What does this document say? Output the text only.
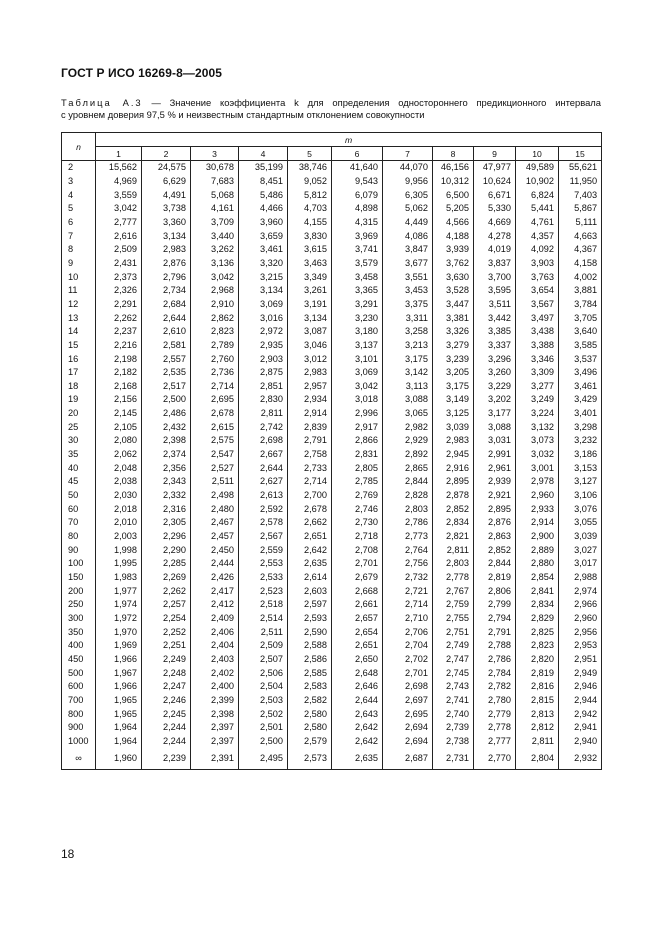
ГОСТ Р ИСО 16269-8—2005
Таблица А.3 — Значение коэффициента k для определения одностороннего предикционного интервала
с уровнем доверия 97,5 % и неизвестным стандартным отклонением совокупности
n	m										
	1	2	3	4	5	6	7	8	9	10	15
2	15,562	24,575	30,678	35,199	38,746	41,640	44,070	46,156	47,977	49,589	55,621
3	4,969	6,629	7,683	8,451	9,052	9,543	9,956	10,312	10,624	10,902	11,950
4	3,559	4,491	5,068	5,486	5,812	6,079	6,305	6,500	6,671	6,824	7,403
5	3,042	3,738	4,161	4,466	4,703	4,898	5,062	5,205	5,330	5,441	5,867
6	2,777	3,360	3,709	3,960	4,155	4,315	4,449	4,566	4,669	4,761	5,111
7	2,616	3,134	3,440	3,659	3,830	3,969	4,086	4,188	4,278	4,357	4,663
8	2,509	2,983	3,262	3,461	3,615	3,741	3,847	3,939	4,019	4,092	4,367
9	2,431	2,876	3,136	3,320	3,463	3,579	3,677	3,762	3,837	3,903	4,158
10	2,373	2,796	3,042	3,215	3,349	3,458	3,551	3,630	3,700	3,763	4,002
11	2,326	2,734	2,968	3,134	3,261	3,365	3,453	3,528	3,595	3,654	3,881
12	2,291	2,684	2,910	3,069	3,191	3,291	3,375	3,447	3,511	3,567	3,784
13	2,262	2,644	2,862	3,016	3,134	3,230	3,311	3,381	3,442	3,497	3,705
14	2,237	2,610	2,823	2,972	3,087	3,180	3,258	3,326	3,385	3,438	3,640
15	2,216	2,581	2,789	2,935	3,046	3,137	3,213	3,279	3,337	3,388	3,585
16	2,198	2,557	2,760	2,903	3,012	3,101	3,175	3,239	3,296	3,346	3,537
17	2,182	2,535	2,736	2,875	2,983	3,069	3,142	3,205	3,260	3,309	3,496
18	2,168	2,517	2,714	2,851	2,957	3,042	3,113	3,175	3,229	3,277	3,461
19	2,156	2,500	2,695	2,830	2,934	3,018	3,088	3,149	3,202	3,249	3,429
20	2,145	2,486	2,678	2,811	2,914	2,996	3,065	3,125	3,177	3,224	3,401
25	2,105	2,432	2,615	2,742	2,839	2,917	2,982	3,039	3,088	3,132	3,298
30	2,080	2,398	2,575	2,698	2,791	2,866	2,929	2,983	3,031	3,073	3,232
35	2,062	2,374	2,547	2,667	2,758	2,831	2,892	2,945	2,991	3,032	3,186
40	2,048	2,356	2,527	2,644	2,733	2,805	2,865	2,916	2,961	3,001	3,153
45	2,038	2,343	2,511	2,627	2,714	2,785	2,844	2,895	2,939	2,978	3,127
50	2,030	2,332	2,498	2,613	2,700	2,769	2,828	2,878	2,921	2,960	3,106
60	2,018	2,316	2,480	2,592	2,678	2,746	2,803	2,852	2,895	2,933	3,076
70	2,010	2,305	2,467	2,578	2,662	2,730	2,786	2,834	2,876	2,914	3,055
80	2,003	2,296	2,457	2,567	2,651	2,718	2,773	2,821	2,863	2,900	3,039
90	1,998	2,290	2,450	2,559	2,642	2,708	2,764	2,811	2,852	2,889	3,027
100	1,995	2,285	2,444	2,553	2,635	2,701	2,756	2,803	2,844	2,880	3,017
150	1,983	2,269	2,426	2,533	2,614	2,679	2,732	2,778	2,819	2,854	2,988
200	1,977	2,262	2,417	2,523	2,603	2,668	2,721	2,767	2,806	2,841	2,974
250	1,974	2,257	2,412	2,518	2,597	2,661	2,714	2,759	2,799	2,834	2,966
300	1,972	2,254	2,409	2,514	2,593	2,657	2,710	2,755	2,794	2,829	2,960
350	1,970	2,252	2,406	2,511	2,590	2,654	2,706	2,751	2,791	2,825	2,956
400	1,969	2,251	2,404	2,509	2,588	2,651	2,704	2,749	2,788	2,823	2,953
450	1,966	2,249	2,403	2,507	2,586	2,650	2,702	2,747	2,786	2,820	2,951
500	1,967	2,248	2,402	2,506	2,585	2,648	2,701	2,745	2,784	2,819	2,949
600	1,966	2,247	2,400	2,504	2,583	2,646	2,698	2,743	2,782	2,816	2,946
700	1,965	2,246	2,399	2,503	2,582	2,644	2,697	2,741	2,780	2,815	2,944
800	1,965	2,245	2,398	2,502	2,580	2,643	2,695	2,740	2,779	2,813	2,942
900	1,964	2,244	2,397	2,501	2,580	2,642	2,694	2,739	2,778	2,812	2,941
1000	1,964	2,244	2,397	2,500	2,579	2,642	2,694	2,738	2,777	2,811	2,940
∞	1,960	2,239	2,391	2,495	2,573	2,635	2,687	2,731	2,770	2,804	2,932
18
